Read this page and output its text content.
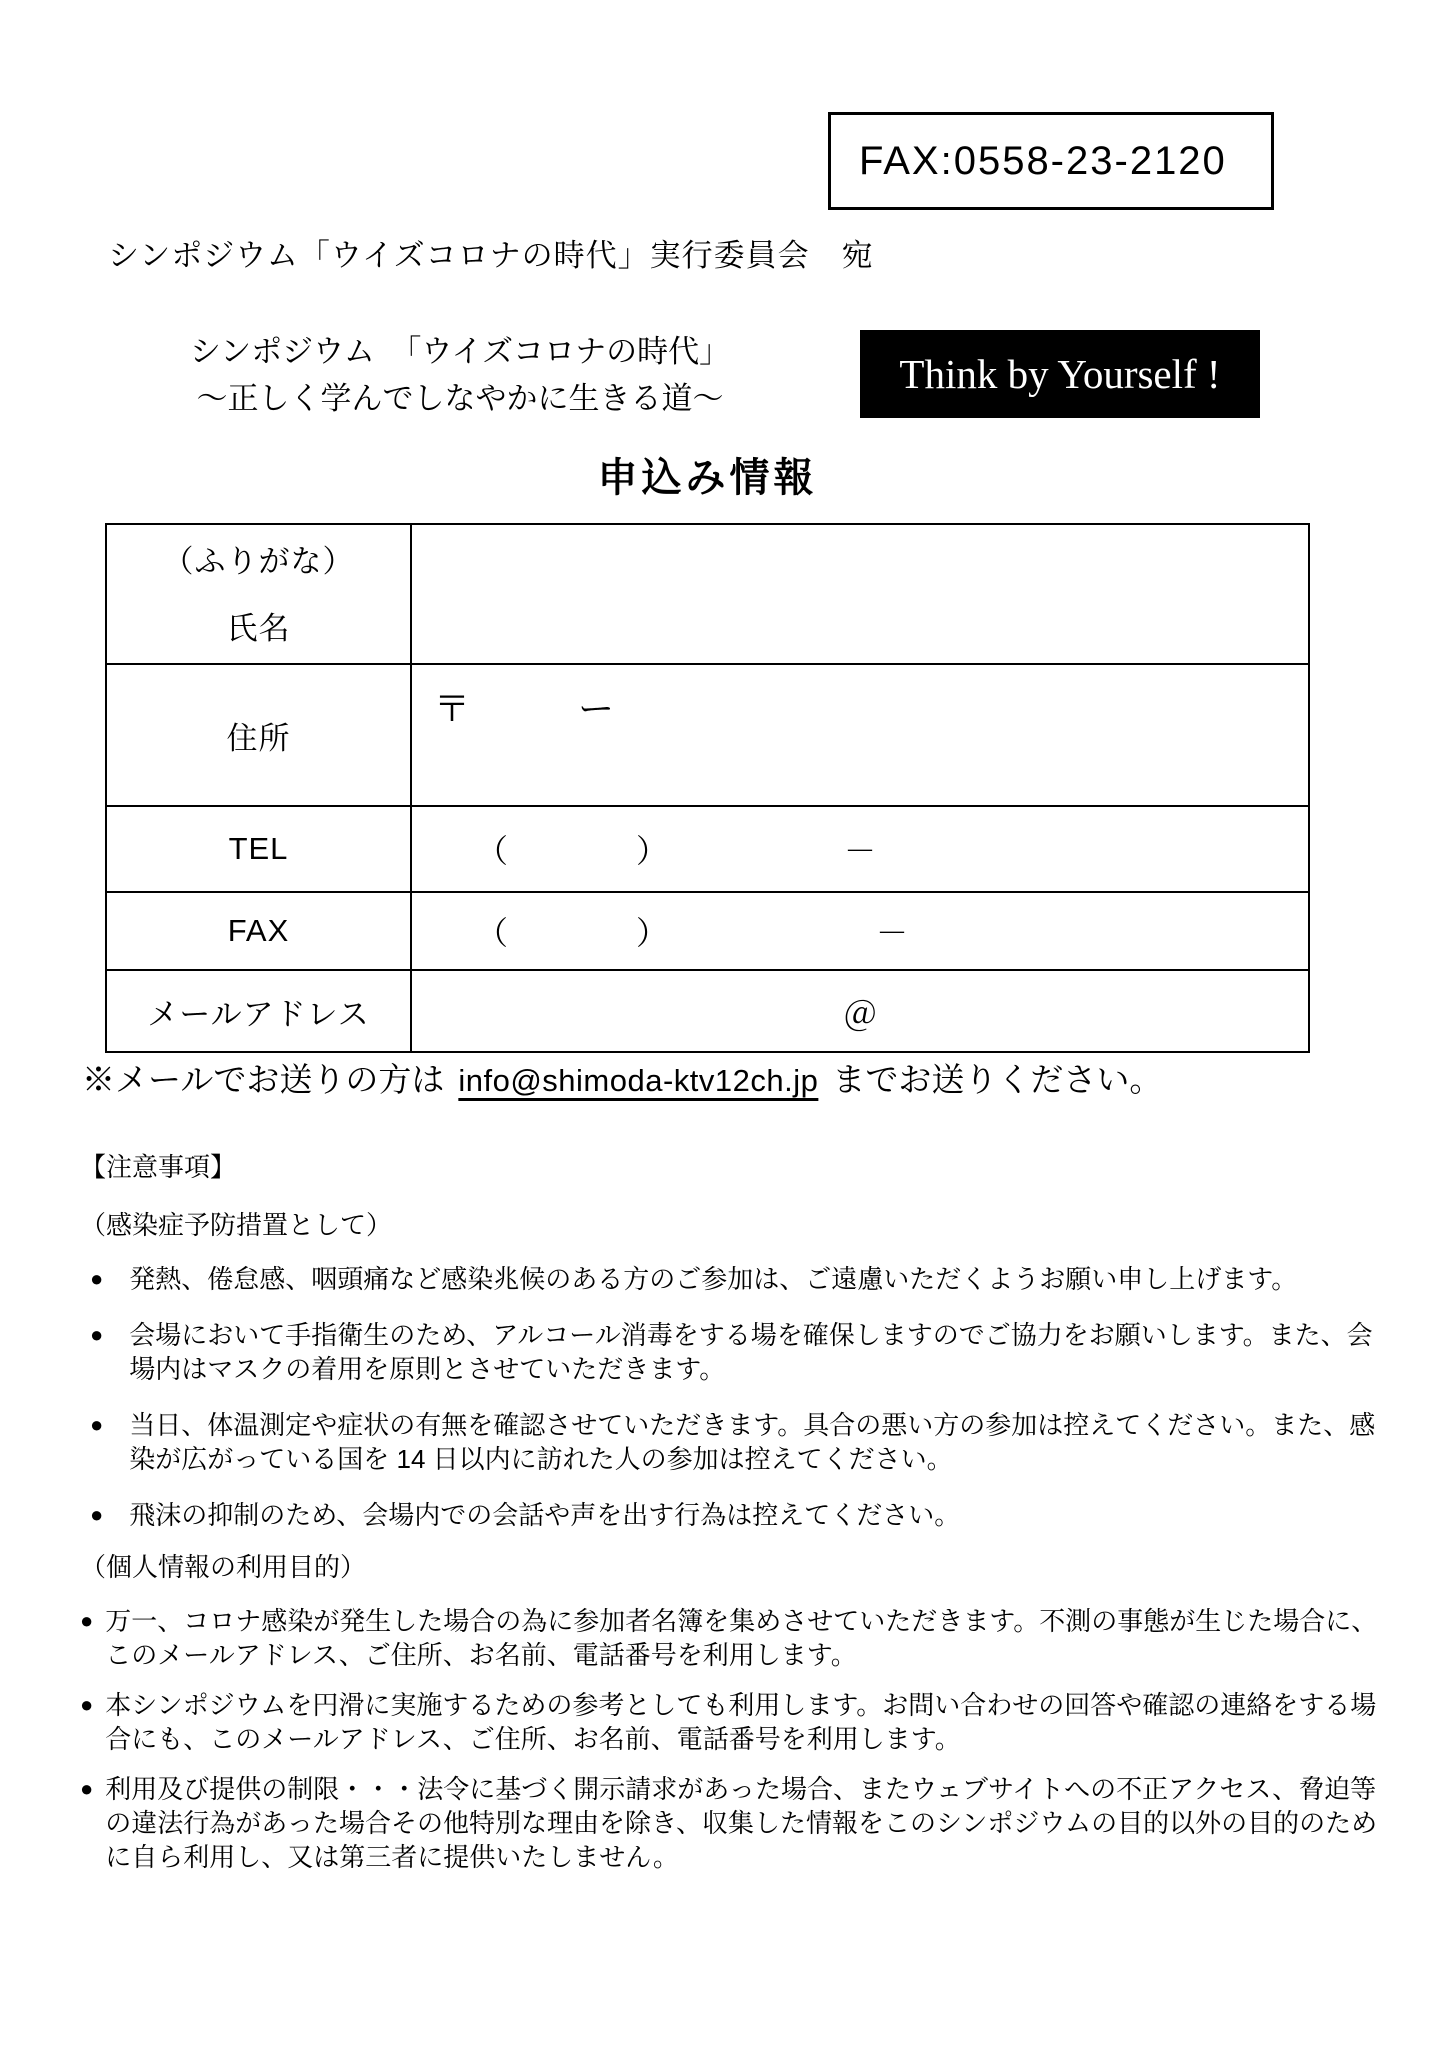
FAX:0558-23-2120
シンポジウム「ウイズコロナの時代」実行委員会　宛
シンポジウム　「ウイズコロナの時代」
～正しく学んでしなやかに生きる道～
Think by Yourself !
申込み情報
（ふりがな）
氏名	

住所	〒　　　ー
TEL	（　　　　）　　　　　　－
FAX	（　　　　）　　　　　　　－
メールアドレス	＠
※メールでお送りの方は info@shimoda-ktv12ch.jp までお送りください。
【注意事項】
（感染症予防措置として）
● 発熱、倦怠感、咽頭痛など感染兆候のある方のご参加は、ご遠慮いただくようお願い申し上げます。
● 会場において手指衛生のため、アルコール消毒をする場を確保しますのでご協力をお願いします。また、会場内はマスクの着用を原則とさせていただきます。
● 当日、体温測定や症状の有無を確認させていただきます。具合の悪い方の参加は控えてください。また、感染が広がっている国を 14 日以内に訪れた人の参加は控えてください。
● 飛沫の抑制のため、会場内での会話や声を出す行為は控えてください。
（個人情報の利用目的）
● 万一、コロナ感染が発生した場合の為に参加者名簿を集めさせていただきます。不測の事態が生じた場合に、このメールアドレス、ご住所、お名前、電話番号を利用します。
● 本シンポジウムを円滑に実施するための参考としても利用します。お問い合わせの回答や確認の連絡をする場合にも、このメールアドレス、ご住所、お名前、電話番号を利用します。
● 利用及び提供の制限・・・法令に基づく開示請求があった場合、またウェブサイトへの不正アクセス、脅迫等の違法行為があった場合その他特別な理由を除き、収集した情報をこのシンポジウムの目的以外の目的のために自ら利用し、又は第三者に提供いたしません。
